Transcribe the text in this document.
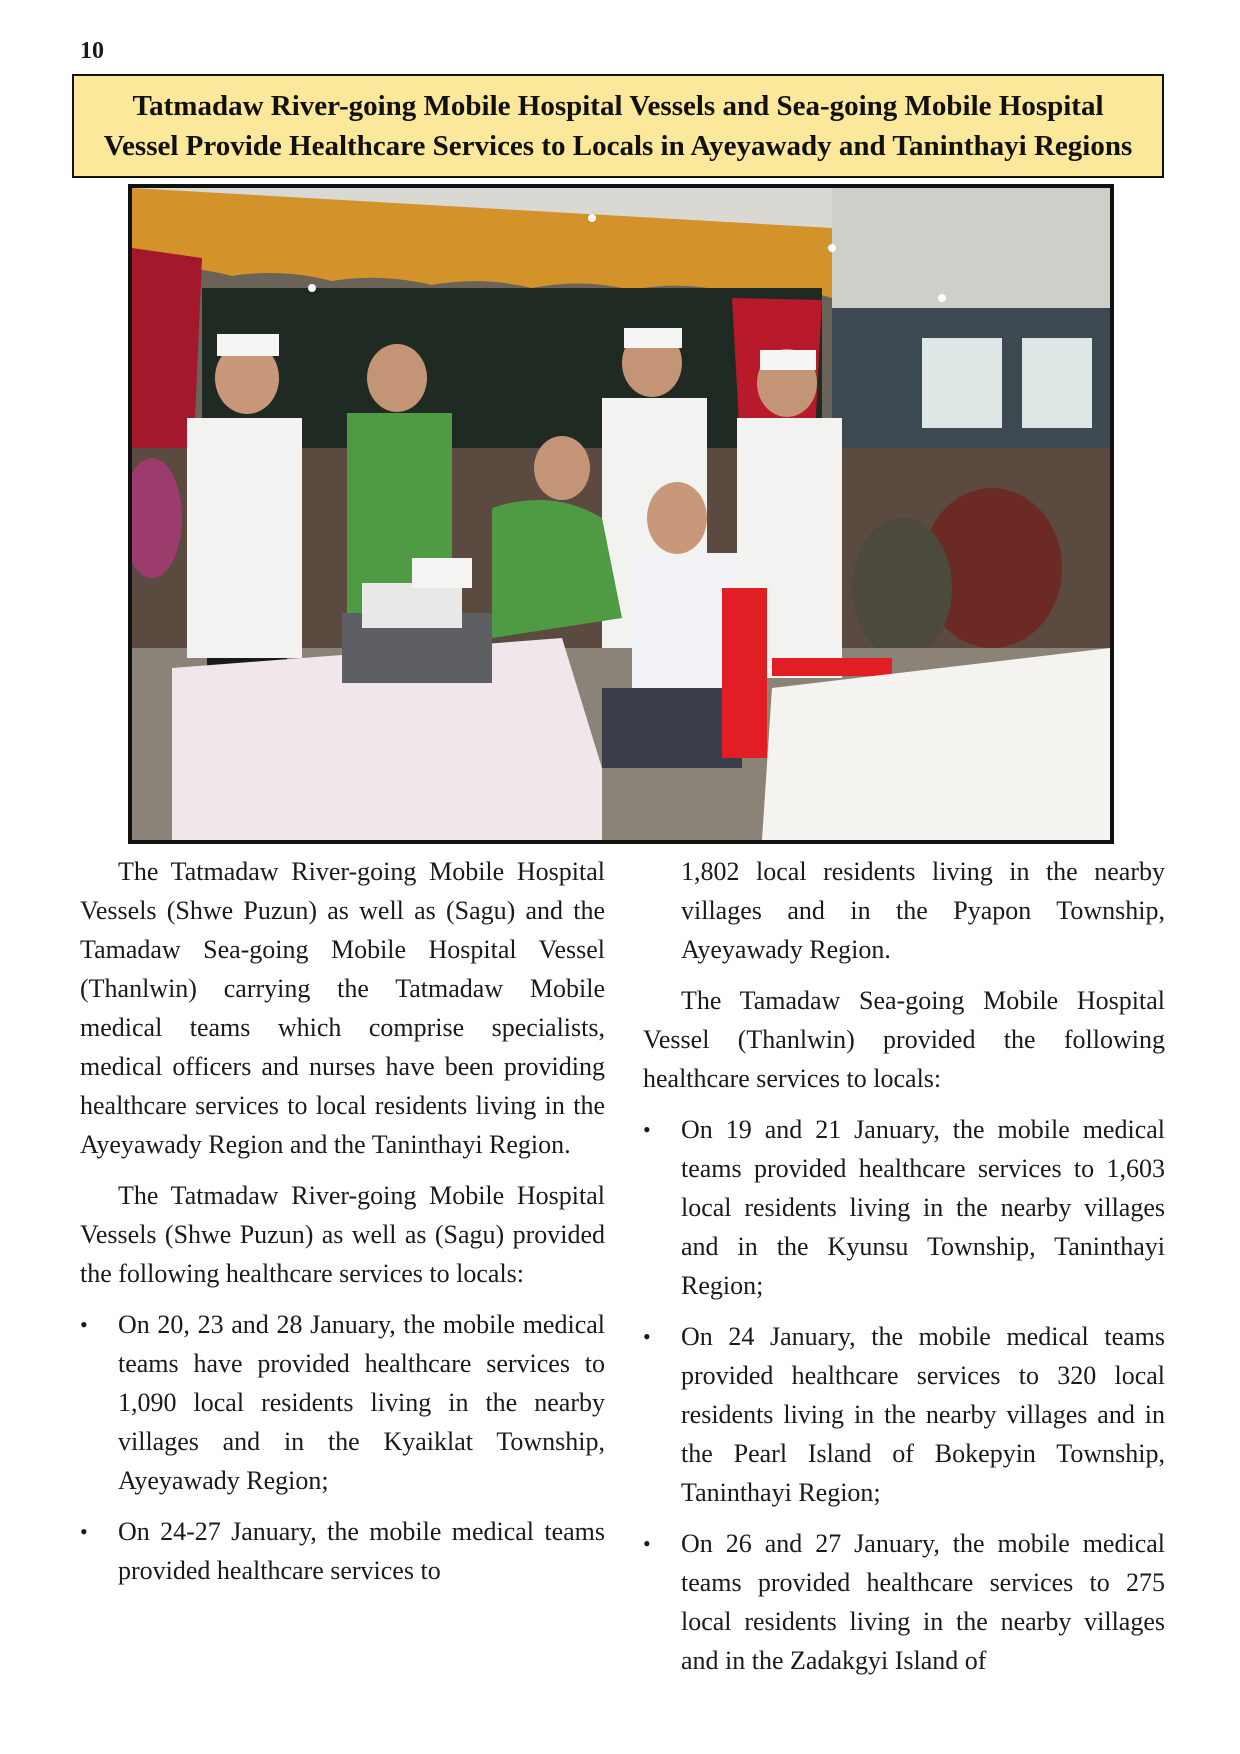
10
Tatmadaw River-going Mobile Hospital Vessels and Sea-going Mobile Hospital
Vessel Provide Healthcare Services to Locals in Ayeyawady and Taninthayi Regions

The Tatmadaw River-going Mobile Hospital Vessels (Shwe Puzun) as well as (Sagu) and the Tamadaw Sea-going Mobile Hospital Vessel (Thanlwin) carrying the Tatmadaw Mobile medical teams which comprise specialists, medical officers and nurses have been providing healthcare services to local residents living in the Ayeyawady Region and the Taninthayi Region.

The Tatmadaw River-going Mobile Hospital Vessels (Shwe Puzun) as well as (Sagu) provided the following healthcare services to locals:

•	On 20, 23 and 28 January, the mobile medical teams have provided healthcare services to 1,090 local residents living in the nearby villages and in the Kyaiklat Township, Ayeyawady Region;
•	On 24-27 January, the mobile medical teams provided healthcare services to

1,802 local residents living in the nearby villages and in the Pyapon Township, Ayeyawady Region.

The Tamadaw Sea-going Mobile Hospital Vessel (Thanlwin) provided the following healthcare services to locals:

•	On 19 and 21 January, the mobile medical teams provided healthcare services to 1,603 local residents living in the nearby villages and in the Kyunsu Township, Taninthayi Region;
•	On 24 January, the mobile medical teams provided healthcare services to 320 local residents living in the nearby villages and in the Pearl Island of Bokepyin Township, Taninthayi Region;
•	On 26 and 27 January, the mobile medical teams provided healthcare services to 275 local residents living in the nearby villages and in the Zadakgyi Island of
